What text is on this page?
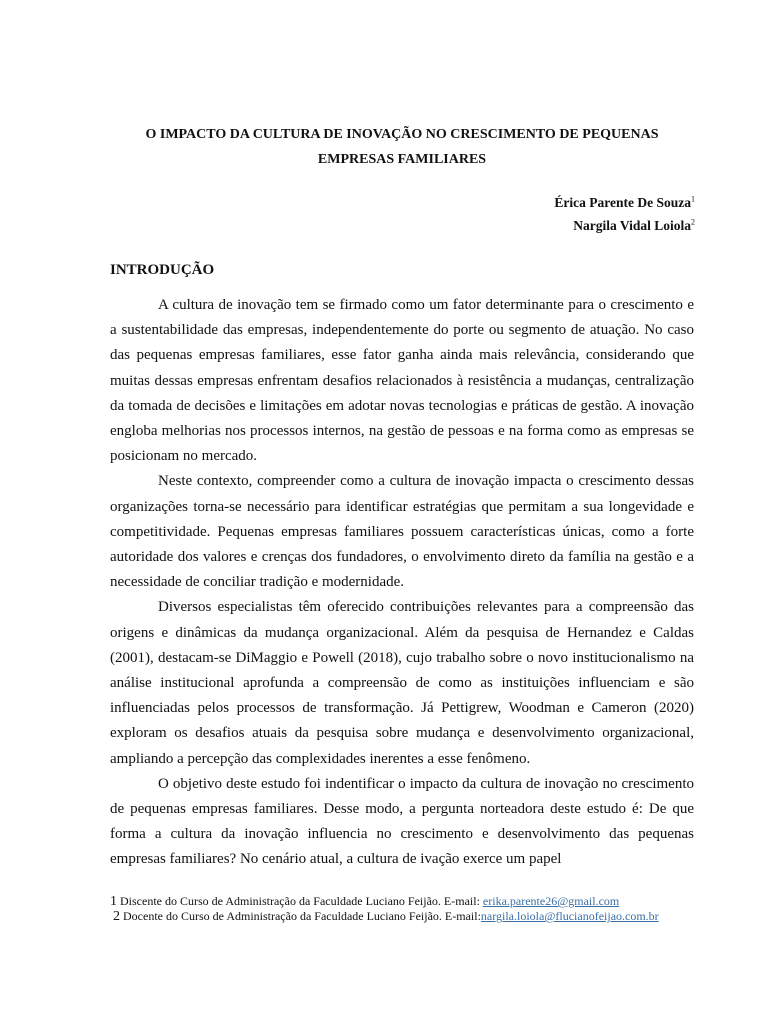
O IMPACTO DA CULTURA DE INOVAÇÃO NO CRESCIMENTO DE PEQUENAS
EMPRESAS FAMILIARES
Érica Parente De Souza$^1$
Nargila Vidal Loiola$^2$
INTRODUÇÃO

A cultura de inovação tem se firmado como um fator determinante para o crescimento e a sustentabilidade das empresas, independentemente do porte ou segmento de atuação. No caso das pequenas empresas familiares, esse fator ganha ainda mais relevância, considerando que muitas dessas empresas enfrentam desafios relacionados à resistência a mudanças, centralização da tomada de decisões e limitações em adotar novas tecnologias e práticas de gestão. A inovação engloba melhorias nos processos internos, na gestão de pessoas e na forma como as empresas se posicionam no mercado.

Neste contexto, compreender como a cultura de inovação impacta o crescimento dessas organizações torna-se necessário para identificar estratégias que permitam a sua longevidade e competitividade. Pequenas empresas familiares possuem características únicas, como a forte autoridade dos valores e crenças dos fundadores, o envolvimento direto da família na gestão e a necessidade de conciliar tradição e modernidade.

Diversos especialistas têm oferecido contribuições relevantes para a compreensão das origens e dinâmicas da mudança organizacional. Além da pesquisa de Hernandez e Caldas (2001), destacam-se DiMaggio e Powell (2018), cujo trabalho sobre o novo institucionalismo na análise institucional aprofunda a compreensão de como as instituições influenciam e são influenciadas pelos processos de transformação. Já Pettigrew, Woodman e Cameron (2020) exploram os desafios atuais da pesquisa sobre mudança e desenvolvimento organizacional, ampliando a percepção das complexidades inerentes a esse fenômeno.

O objetivo deste estudo foi indentificar o impacto da cultura de inovação no crescimento de pequenas empresas familiares. Desse modo, a pergunta norteadora deste estudo é: De que forma a cultura da inovação influencia no crescimento e desenvolvimento das pequenas empresas familiares? No cenário atual, a cultura de ivação exerce um papel

1 Discente do Curso de Administração da Faculdade Luciano Feijão. E-mail: erika.parente26@gmail.com
2 Docente do Curso de Administração da Faculdade Luciano Feijão. E-mail:nargila.loiola@flucianofeijao.com.br
